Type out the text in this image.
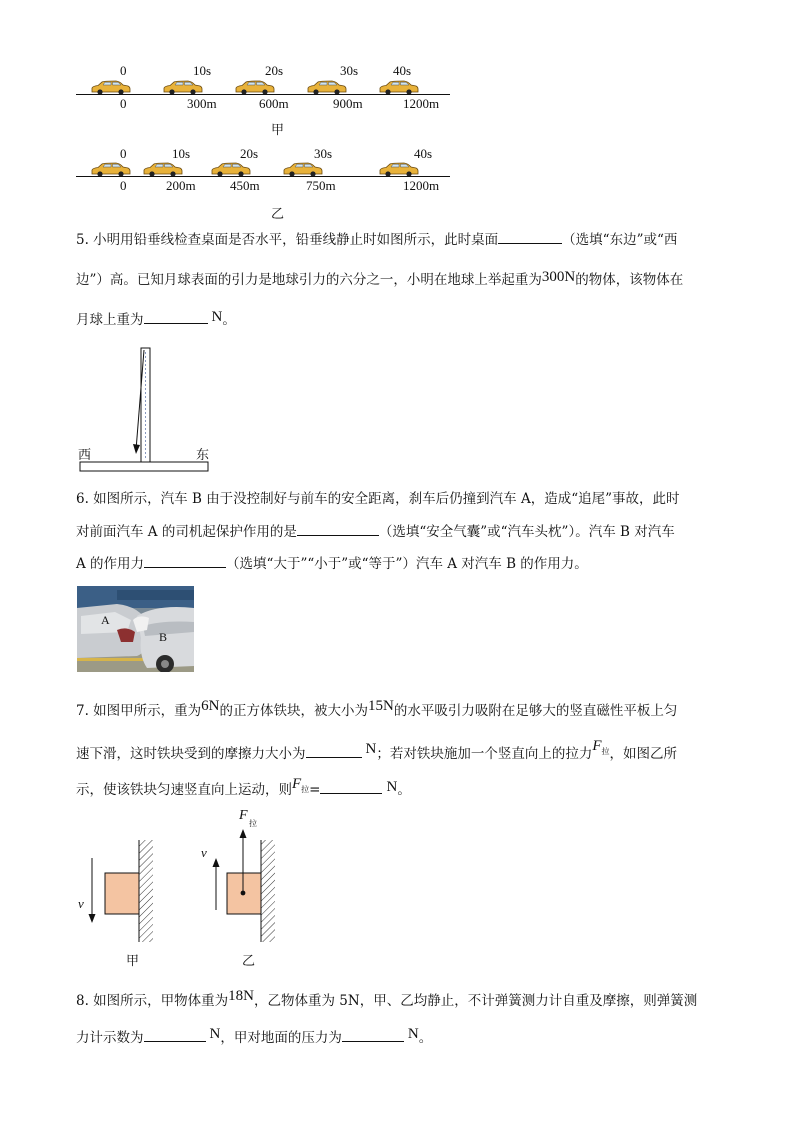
0	10s	20s	30s	40s
0	300m	600m	900m	1200m
甲
0	10s	20s	30s	40s
0	200m	450m	750m	1200m
乙
5. 小明用铅垂线检查桌面是否水平，铅垂线静止时如图所示，此时桌面	（选填“东边”或“西
边”）高。已知月球表面的引力是地球引力的六分之一，小明在地球上举起重为300N的物体，该物体在
月球上重为	N。
西	东
6. 如图所示，汽车 B 由于没控制好与前车的安全距离，刹车后仍撞到汽车 A，造成“追尾”事故，此时
对前面汽车 A 的司机起保护作用的是	（选填“安全气囊”或“汽车头枕”）。汽车 B 对汽车
A 的作用力	（选填“大于”“小于”或“等于”）汽车 A 对汽车 B 的作用力。
A
B
7. 如图甲所示，重为6N的正方体铁块，被大小为15N的水平吸引力吸附在足够大的竖直磁性平板上匀
速下滑，这时铁块受到的摩擦力大小为	N；若对铁块施加一个竖直向上的拉力$F^拉$，如图乙所
示，使该铁块匀速竖直向上运动，则F拉=	N。
v
v
F
拉
甲	乙
8. 如图所示，甲物体重为18N，乙物体重为 5N，甲、乙均静止，不计弹簧测力计自重及摩擦，则弹簧测
力计示数为	N，甲对地面的压力为	N。
